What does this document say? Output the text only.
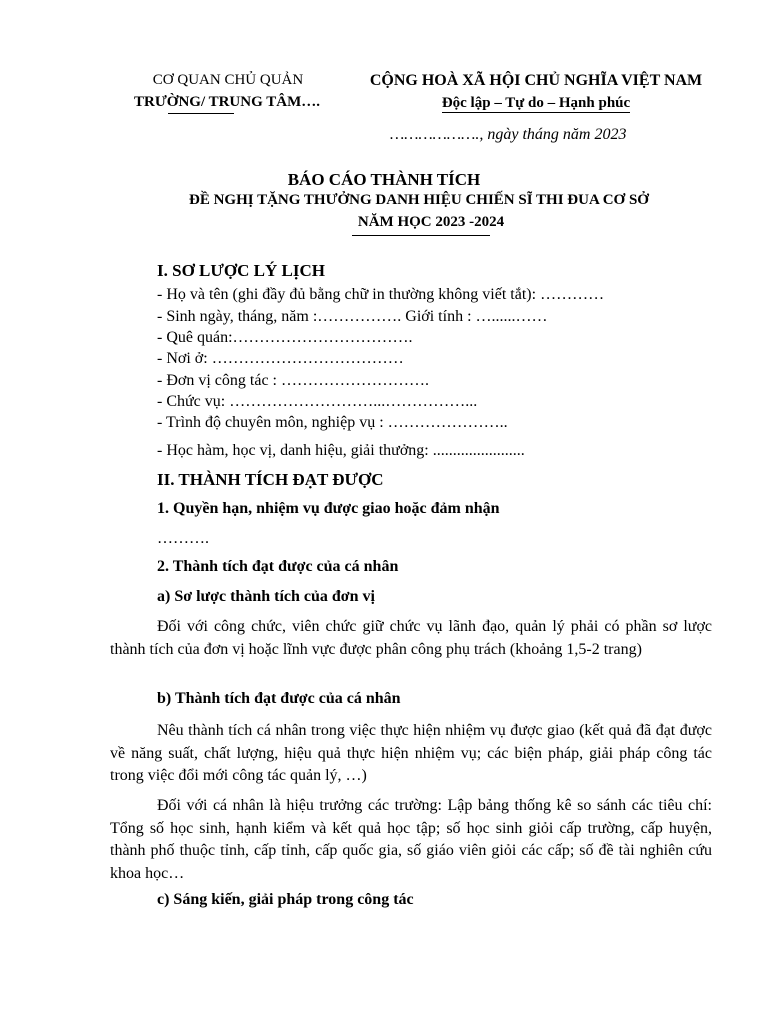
CƠ QUAN CHỦ QUẢN
TRƯỜNG/ TRUNG TÂM….
CỘNG HOÀ XÃ HỘI CHỦ NGHĨA VIỆT NAM
Độc lập – Tự do – Hạnh phúc
………………., ngày tháng năm 2023
BÁO CÁO THÀNH TÍCH
ĐỀ NGHỊ TẶNG THƯỞNG DANH HIỆU CHIẾN SĨ THI ĐUA CƠ SỞ
NĂM HỌC 2023 -2024
I. SƠ LƯỢC LÝ LỊCH
- Họ và tên (ghi đầy đủ bằng chữ in thường không viết tắt): …………
- Sinh ngày, tháng, năm :……………. Giới tính : …......……
- Quê quán:…………………………….
- Nơi ở: ………………………………
- Đơn vị công tác : ……………………….
- Chức vụ: ………………………...……………...
- Trình độ chuyên môn, nghiệp vụ : …………………..
- Học hàm, học vị, danh hiệu, giải thưởng: .......................
II. THÀNH TÍCH ĐẠT ĐƯỢC
1. Quyền hạn, nhiệm vụ được giao hoặc đảm nhận
……….
2. Thành tích đạt được của cá nhân
a) Sơ lược thành tích của đơn vị
Đối với công chức, viên chức giữ chức vụ lãnh đạo, quản lý phải có phần sơ lược thành tích của đơn vị hoặc lĩnh vực được phân công phụ trách (khoảng 1,5-2 trang)
b) Thành tích đạt được của cá nhân
Nêu thành tích cá nhân trong việc thực hiện nhiệm vụ được giao (kết quả đã đạt được về năng suất, chất lượng, hiệu quả thực hiện nhiệm vụ; các biện pháp, giải pháp công tác trong việc đổi mới công tác quản lý, …)
Đối với cá nhân là hiệu trưởng các trường: Lập bảng thống kê so sánh các tiêu chí: Tổng số học sinh, hạnh kiểm và kết quả học tập; số học sinh giỏi cấp trường, cấp huyện, thành phố thuộc tỉnh, cấp tỉnh, cấp quốc gia, số giáo viên giỏi các cấp; số đề tài nghiên cứu khoa học…
c) Sáng kiến, giải pháp trong công tác
